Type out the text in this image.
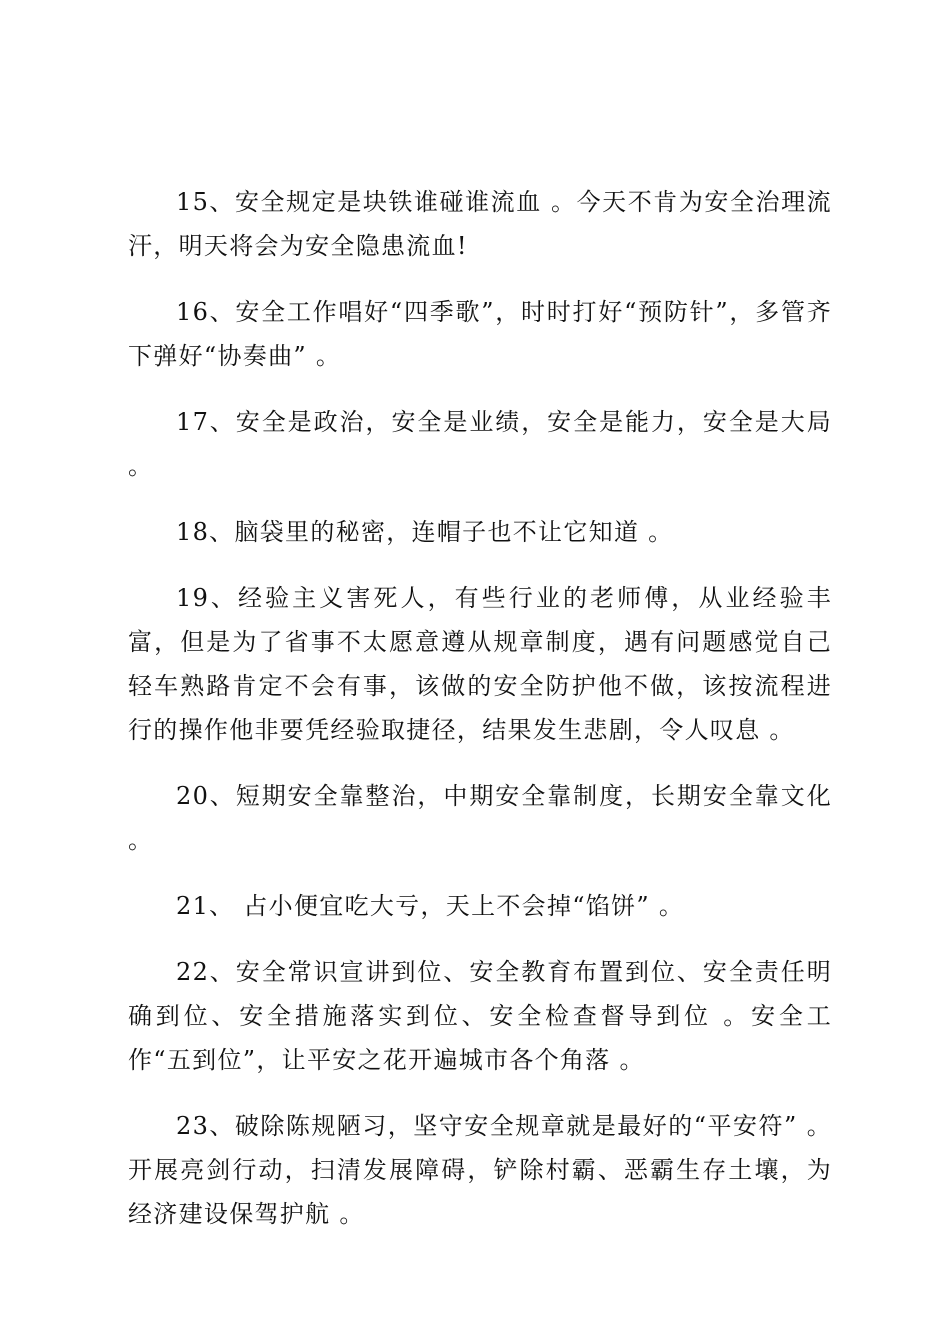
15、安全规定是块铁谁碰谁流血 。今天不肯为安全治理流汗，明天将会为安全隐患流血!

16、安全工作唱好“四季歌”，时时打好“预防针”，多管齐下弹好“协奏曲” 。

17、安全是政治，安全是业绩，安全是能力，安全是大局 。

18、脑袋里的秘密，连帽子也不让它知道 。

19、经验主义害死人，有些行业的老师傅，从业经验丰富，但是为了省事不太愿意遵从规章制度，遇有问题感觉自己轻车熟路肯定不会有事，该做的安全防护他不做，该按流程进行的操作他非要凭经验取捷径，结果发生悲剧，令人叹息 。

20、短期安全靠整治，中期安全靠制度，长期安全靠文化 。

21、 占小便宜吃大亏，天上不会掉“馅饼” 。

22、安全常识宣讲到位、安全教育布置到位、安全责任明确到位、安全措施落实到位、安全检查督导到位 。安全工作“五到位”，让平安之花开遍城市各个角落 。

23、破除陈规陋习，坚守安全规章就是最好的“平安符” 。开展亮剑行动，扫清发展障碍，铲除村霸、恶霸生存土壤，为经济建设保驾护航 。
